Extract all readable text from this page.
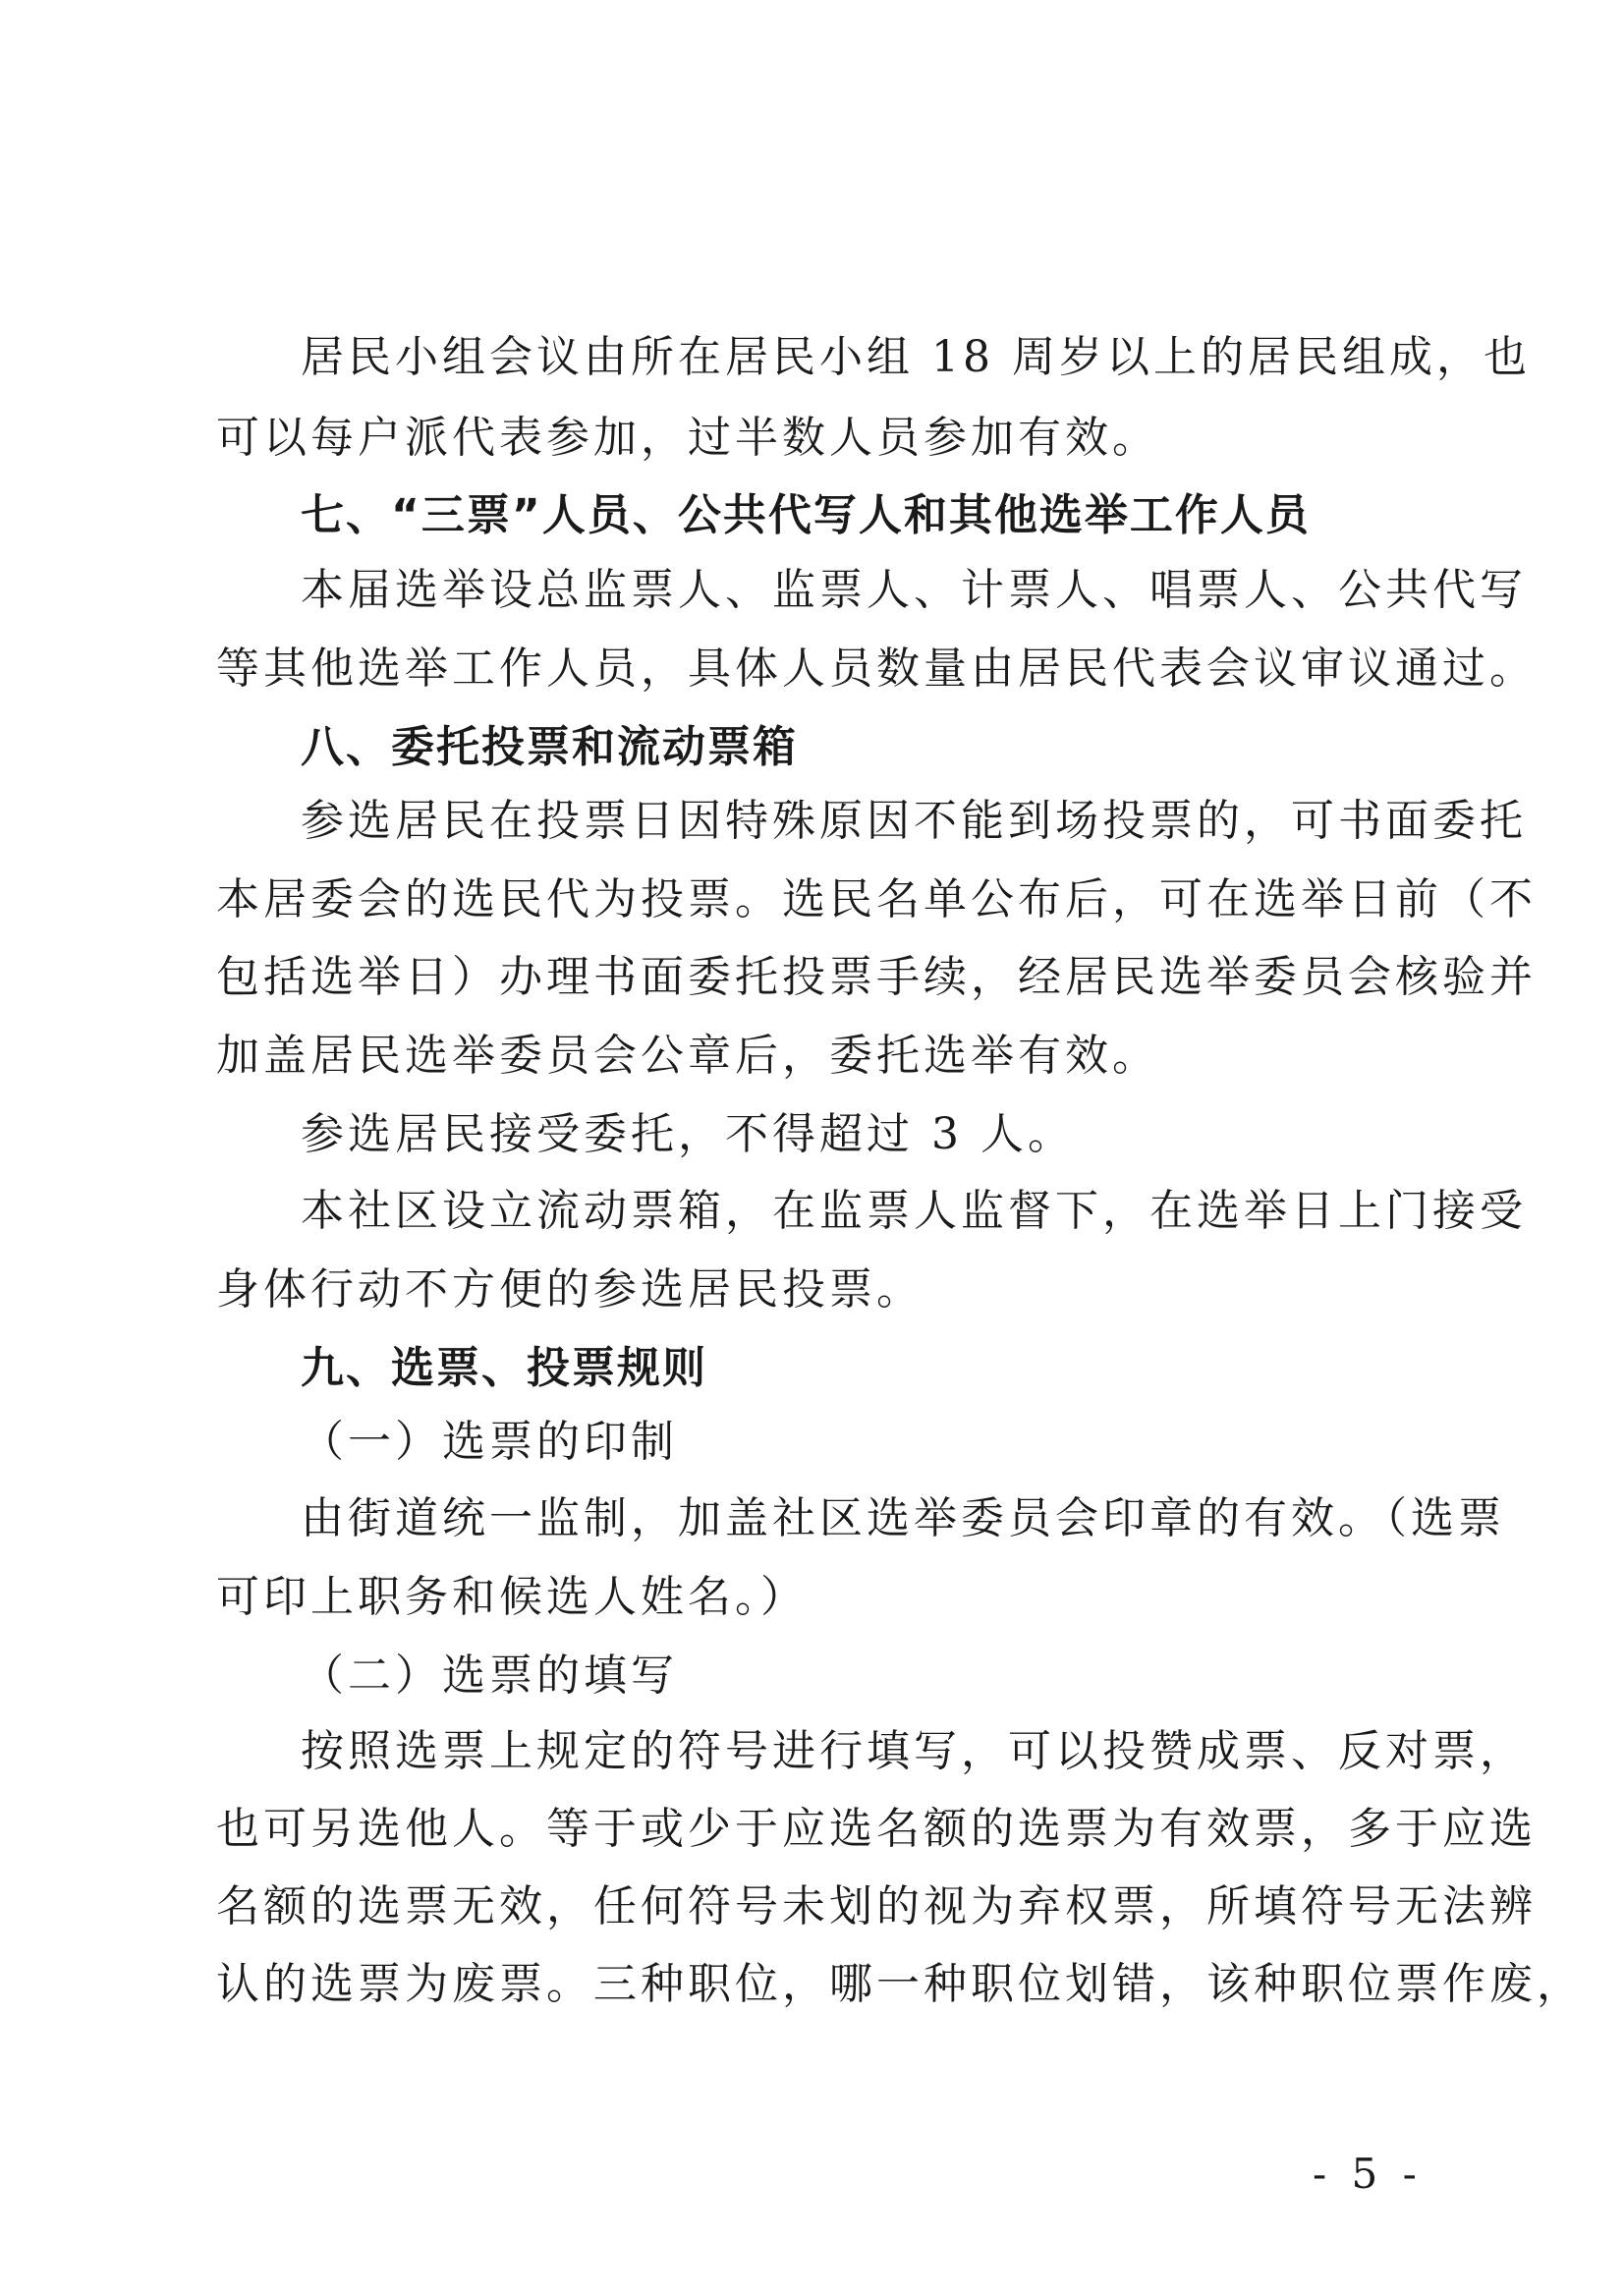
居民小组会议由所在居民小组 18 周岁以上的居民组成，也
可以每户派代表参加，过半数人员参加有效。
七、“三票”人员、公共代写人和其他选举工作人员
本届选举设总监票人、监票人、计票人、唱票人、公共代写
等其他选举工作人员，具体人员数量由居民代表会议审议通过。
八、委托投票和流动票箱
参选居民在投票日因特殊原因不能到场投票的，可书面委托
本居委会的选民代为投票。选民名单公布后，可在选举日前（不
包括选举日）办理书面委托投票手续，经居民选举委员会核验并
加盖居民选举委员会公章后，委托选举有效。
参选居民接受委托，不得超过 3 人。
本社区设立流动票箱，在监票人监督下，在选举日上门接受
身体行动不方便的参选居民投票。
九、选票、投票规则
（一）选票的印制
由街道统一监制，加盖社区选举委员会印章的有效。（选票
可印上职务和候选人姓名。）
（二）选票的填写
按照选票上规定的符号进行填写，可以投赞成票、反对票，
也可另选他人。等于或少于应选名额的选票为有效票，多于应选
名额的选票无效，任何符号未划的视为弃权票，所填符号无法辨
认的选票为废票。三种职位，哪一种职位划错，该种职位票作废，
- 5 -
